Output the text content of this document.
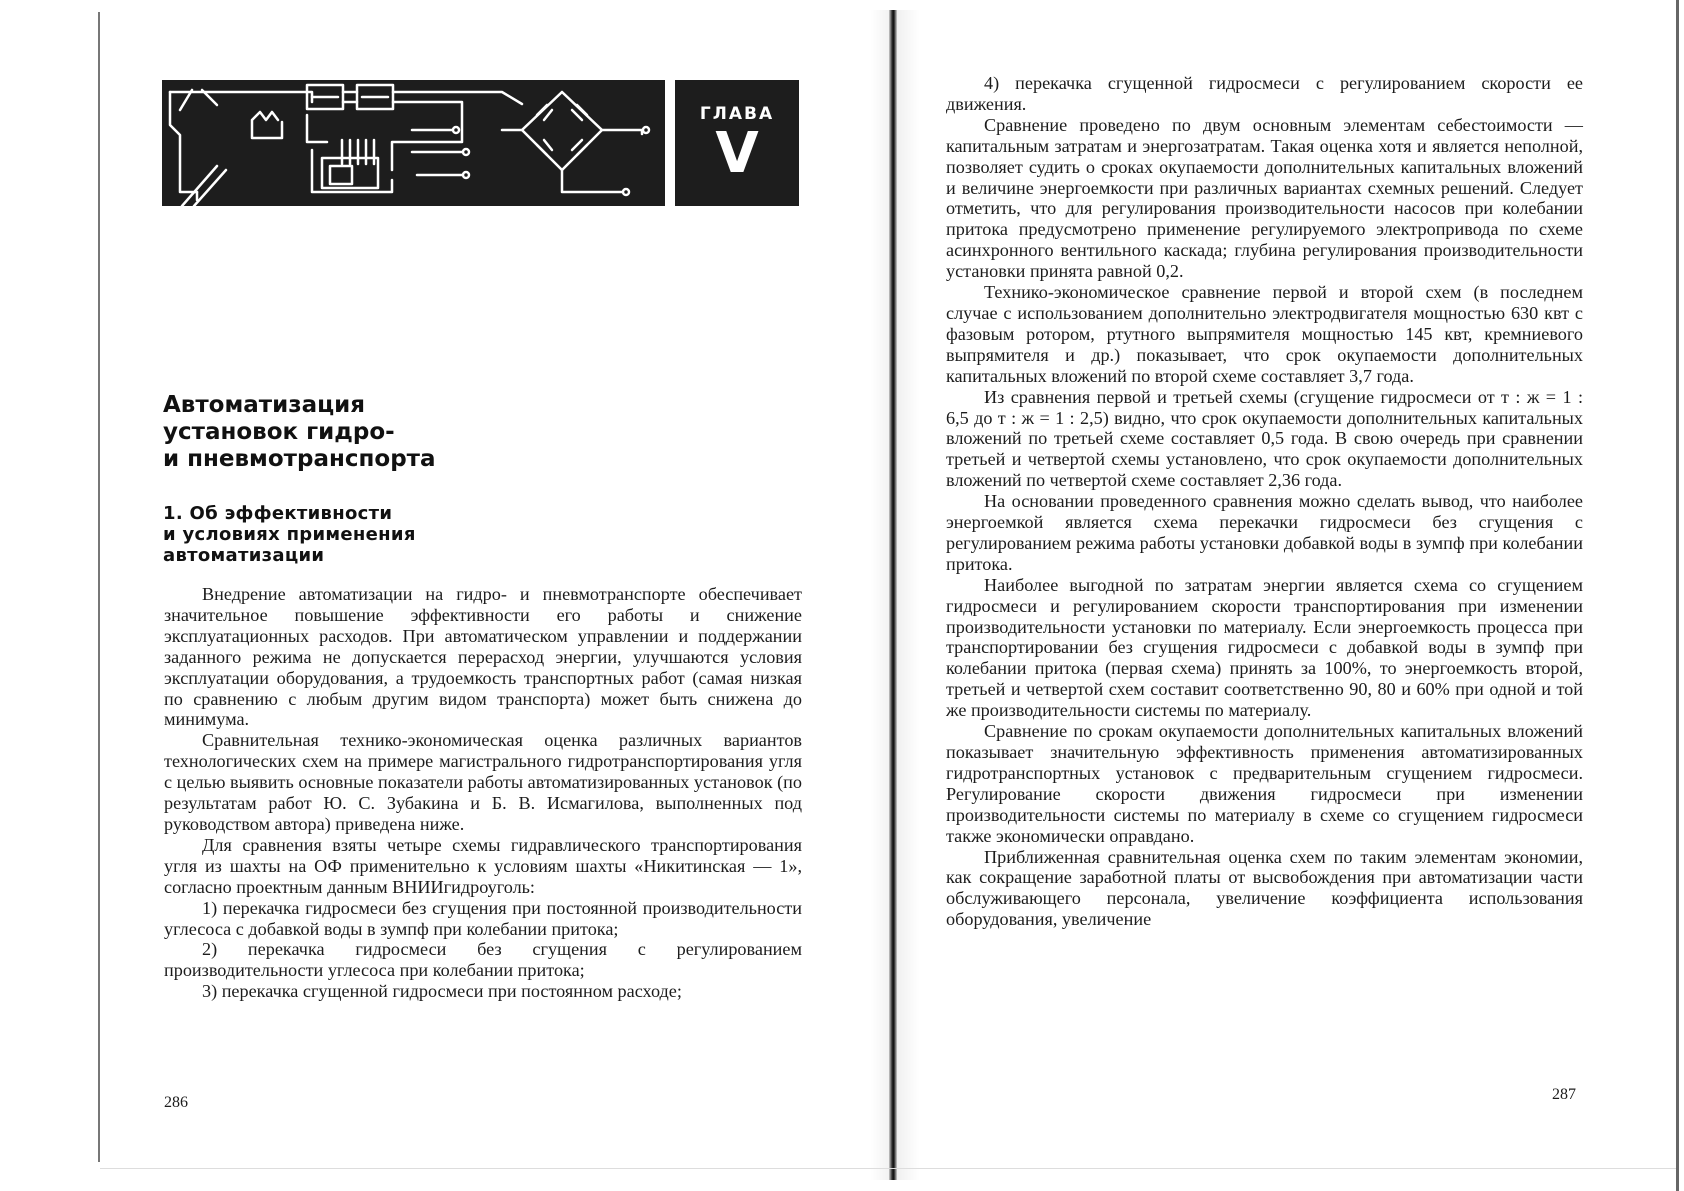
ГЛАВА
V
Автоматизация
установок гидро-
и пневмотранспорта
1. Об эффективности
и условиях применения
автоматизации

Внедрение автоматизации на гидро- и пневмотранспорте обеспечивает значительное повышение эффективности его работы и снижение эксплуатационных расходов. При автоматическом управлении и поддержании заданного режима не допускается перерасход энергии, улучшаются условия эксплуатации оборудования, а трудоемкость транспортных работ (самая низкая по сравнению с любым другим видом транспорта) может быть снижена до минимума.

Сравнительная технико-экономическая оценка различных вариантов технологических схем на примере магистрального гидротранспортирования угля с целью выявить основные показатели работы автоматизированных установок (по результатам работ Ю. С. Зубакина и Б. В. Исмагилова, выполненных под руководством автора) приведена ниже.

Для сравнения взяты четыре схемы гидравлического транспортирования угля из шахты на ОФ применительно к условиям шахты «Никитинская — 1», согласно проектным данным ВНИИгидроуголь:

1) перекачка гидросмеси без сгущения при постоянной производительности углесоса с добавкой воды в зумпф при колебании притока;

2) перекачка гидросмеси без сгущения с регулированием производительности углесоса при колебании притока;

3) перекачка сгущенной гидросмеси при постоянном расходе;

286

4) перекачка сгущенной гидросмеси с регулированием скорости ее движения.

Сравнение проведено по двум основным элементам себестоимости — капитальным затратам и энергозатратам. Такая оценка хотя и является неполной, позволяет судить о сроках окупаемости дополнительных капитальных вложений и величине энергоемкости при различных вариантах схемных решений. Следует отметить, что для регулирования производительности насосов при колебании притока предусмотрено применение регулируемого электропривода по схеме асинхронного вентильного каскада; глубина регулирования производительности установки принята равной 0,2.

Технико-экономическое сравнение первой и второй схем (в последнем случае с использованием дополнительно электродвигателя мощностью 630 квт с фазовым ротором, ртутного выпрямителя мощностью 145 квт, кремниевого выпрямителя и др.) показывает, что срок окупаемости дополнительных капитальных вложений по второй схеме составляет 3,7 года.

Из сравнения первой и третьей схемы (сгущение гидросмеси от т : ж = 1 : 6,5 до т : ж = 1 : 2,5) видно, что срок окупаемости дополнительных капитальных вложений по третьей схеме составляет 0,5 года. В свою очередь при сравнении третьей и четвертой схемы установлено, что срок окупаемости дополнительных вложений по четвертой схеме составляет 2,36 года.

На основании проведенного сравнения можно сделать вывод, что наиболее энергоемкой является схема перекачки гидросмеси без сгущения с регулированием режима работы установки добавкой воды в зумпф при колебании притока.

Наиболее выгодной по затратам энергии является схема со сгущением гидросмеси и регулированием скорости транспортирования при изменении производительности установки по материалу. Если энергоемкость процесса при транспортировании без сгущения гидросмеси с добавкой воды в зумпф при колебании притока (первая схема) принять за 100%, то энергоемкость второй, третьей и четвертой схем составит соответственно 90, 80 и 60% при одной и той же производительности системы по материалу.

Сравнение по срокам окупаемости дополнительных капитальных вложений показывает значительную эффективность применения автоматизированных гидротранспортных установок с предварительным сгущением гидросмеси. Регулирование скорости движения гидросмеси при изменении производительности системы по материалу в схеме со сгущением гидросмеси также экономически оправдано.

Приближенная сравнительная оценка схем по таким элементам экономии, как сокращение заработной платы от высвобождения при автоматизации части обслуживающего персонала, увеличение коэффициента использования оборудования, увеличение

287
